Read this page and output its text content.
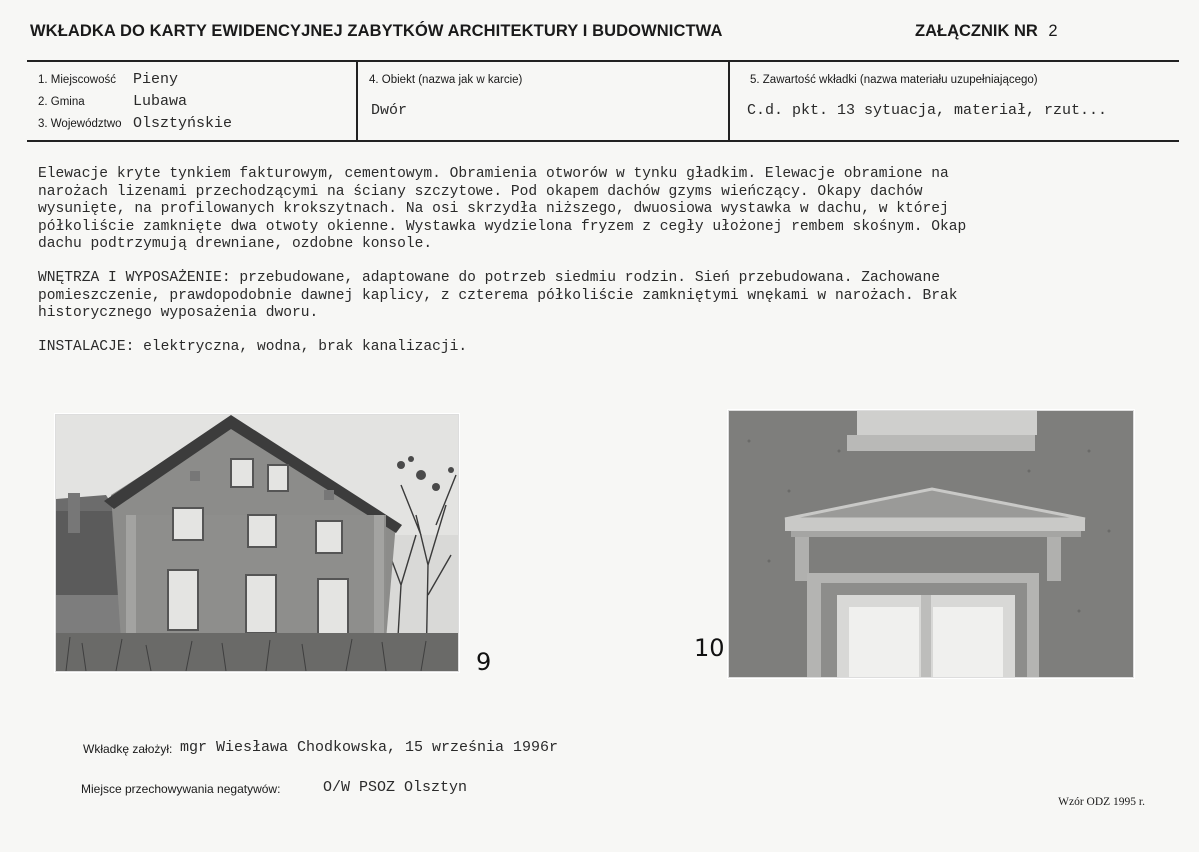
WKŁADKA DO KARTY EWIDENCYJNEJ ZABYTKÓW ARCHITEKTURY I BUDOWNICTWA	ZAŁĄCZNIK NR 2
1. Miejscowość Pieny
2. Gmina	Lubawa
3. Województwo Olsztyńskie
4. Obiekt (nazwa jak w karcie)
Dwór
5. Zawartość wkładki (nazwa materiału uzupełniającego)
C.d. pkt. 13 sytuacja, materiał, rzut...

Elewacje kryte tynkiem fakturowym, cementowym. Obramienia otworów w tynku gładkim. Elewacje obramione na
narożach lizenami przechodzącymi na ściany szczytowe. Pod okapem dachów gzyms wieńczący. Okapy dachów
wysunięte, na profilowanych krokszytnach. Na osi skrzydła niższego, dwuosiowa wystawka w dachu, w której
półkoliście zamknięte dwa otwoty okienne. Wystawka wydzielona fryzem z cegły ułożonej rembem skośnym. Okap
dachu podtrzymują drewniane, ozdobne konsole.

WNĘTRZA I WYPOSAŻENIE: przebudowane, adaptowane do potrzeb siedmiu rodzin. Sień przebudowana. Zachowane
pomieszczenie, prawdopodobnie dawnej kaplicy, z czterema półkoliście zamkniętymi wnękami w narożach. Brak
historycznego wyposażenia dworu.

INSTALACJE: elektryczna, wodna, brak kanalizacji.

9	10
Wkładkę założył: mgr Wiesława Chodkowska, 15 września 1996r
Miejsce przechowywania negatywów:	O/W PSOZ Olsztyn
Wzór ODZ 1995 r.
